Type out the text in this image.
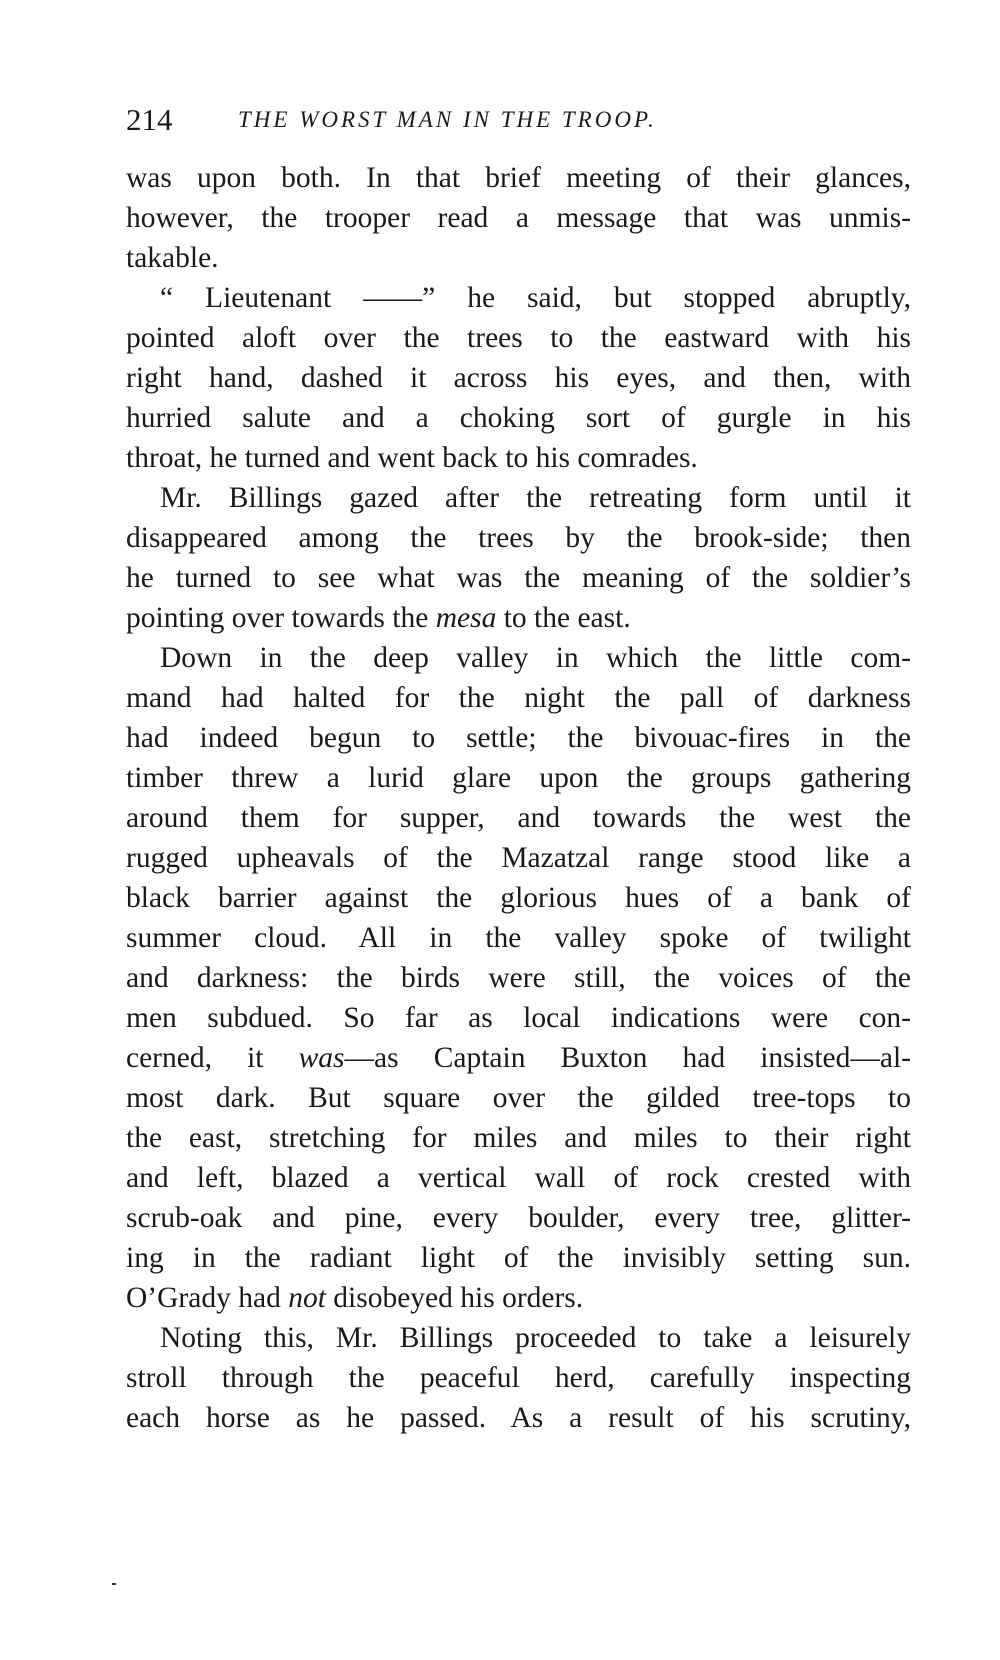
214	THE WORST MAN IN THE TROOP.
was upon both. In that brief meeting of their glances,
however, the trooper read a message that was unmis-
takable.
“ Lieutenant ——” he said, but stopped abruptly,
pointed aloft over the trees to the eastward with his
right hand, dashed it across his eyes, and then, with
hurried salute and a choking sort of gurgle in his
throat, he turned and went back to his comrades.
Mr. Billings gazed after the retreating form until it
disappeared among the trees by the brook-side; then
he turned to see what was the meaning of the soldier’s
pointing over towards the mesa to the east.
Down in the deep valley in which the little com-
mand had halted for the night the pall of darkness
had indeed begun to settle; the bivouac-fires in the
timber threw a lurid glare upon the groups gathering
around them for supper, and towards the west the
rugged upheavals of the Mazatzal range stood like a
black barrier against the glorious hues of a bank of
summer cloud. All in the valley spoke of twilight
and darkness: the birds were still, the voices of the
men subdued. So far as local indications were con-
cerned, it was—as Captain Buxton had insisted—al-
most dark. But square over the gilded tree-tops to
the east, stretching for miles and miles to their right
and left, blazed a vertical wall of rock crested with
scrub-oak and pine, every boulder, every tree, glitter-
ing in the radiant light of the invisibly setting sun.
O’Grady had not disobeyed his orders.
Noting this, Mr. Billings proceeded to take a leisurely
stroll through the peaceful herd, carefully inspecting
each horse as he passed. As a result of his scrutiny,
